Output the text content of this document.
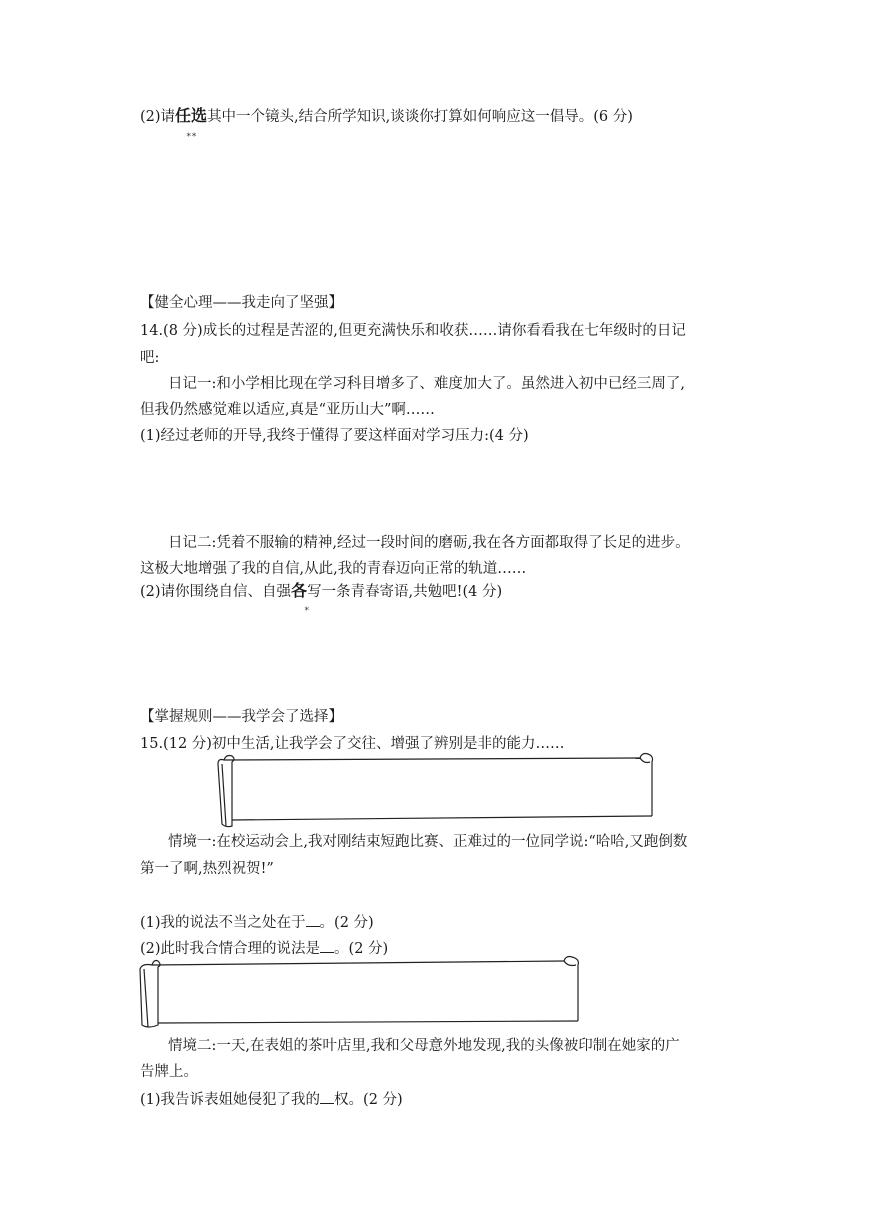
(2)请任选其中一个镜头,结合所学知识,谈谈你打算如何响应这一倡导。(6 分)
**
【健全心理——我走向了坚强】
14.(8 分)成长的过程是苦涩的,但更充满快乐和收获……请你看看我在七年级时的日记
吧:
日记一:和小学相比现在学习科目增多了、难度加大了。虽然进入初中已经三周了,
但我仍然感觉难以适应,真是“亚历山大”啊……
(1)经过老师的开导,我终于懂得了要这样面对学习压力:(4 分)
日记二:凭着不服输的精神,经过一段时间的磨砺,我在各方面都取得了长足的进步。
这极大地增强了我的自信,从此,我的青春迈向正常的轨道……
(2)请你围绕自信、自强各写一条青春寄语,共勉吧!(4 分)
*
【掌握规则——我学会了选择】
15.(12 分)初中生活,让我学会了交往、增强了辨别是非的能力……
情境一:在校运动会上,我对刚结束短跑比赛、正难过的一位同学说:“哈哈,又跑倒数
第一了啊,热烈祝贺!”
(1)我的说法不当之处在于 。(2 分)
(2)此时我合情合理的说法是 。(2 分)
情境二:一天,在表姐的茶叶店里,我和父母意外地发现,我的头像被印制在她家的广
告牌上。
(1)我告诉表姐她侵犯了我的 权。(2 分)
